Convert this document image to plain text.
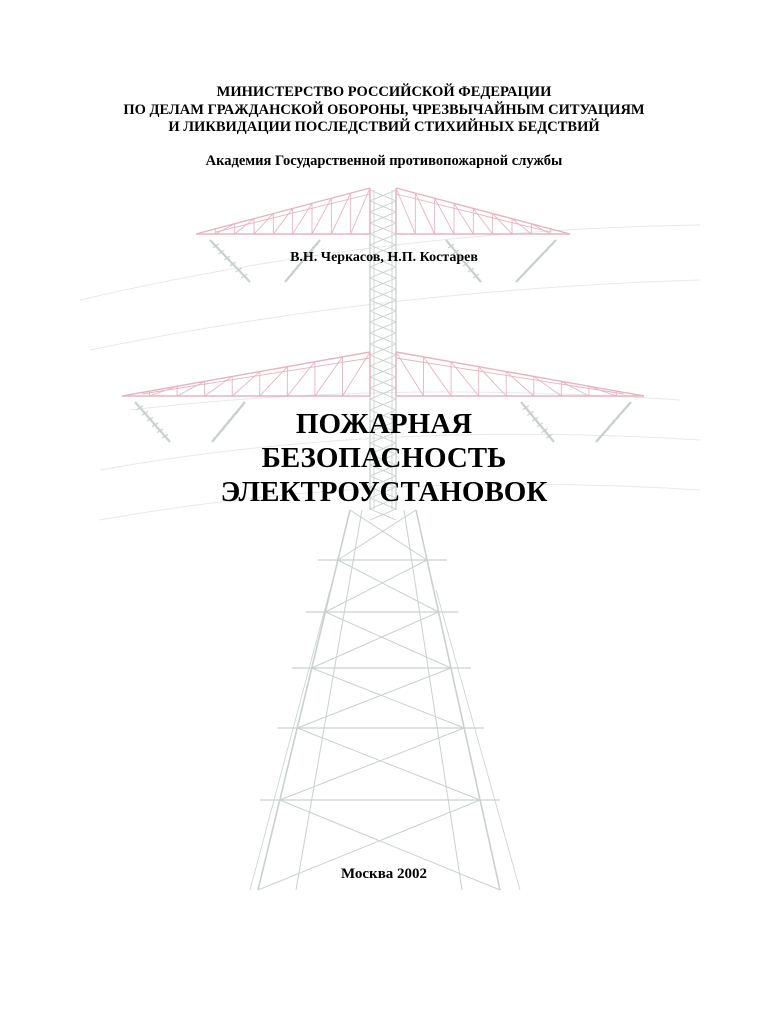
МИНИСТЕРСТВО РОССИЙСКОЙ ФЕДЕРАЦИИ
ПО ДЕЛАМ ГРАЖДАНСКОЙ ОБОРОНЫ, ЧРЕЗВЫЧАЙНЫМ СИТУАЦИЯМ
И ЛИКВИДАЦИИ ПОСЛЕДСТВИЙ СТИХИЙНЫХ БЕДСТВИЙ
Академия Государственной противопожарной службы
В.Н. Черкасов, Н.П. Костарев
ПОЖАРНАЯ
БЕЗОПАСНОСТЬ
ЭЛЕКТРОУСТАНОВОК
Москва 2002
